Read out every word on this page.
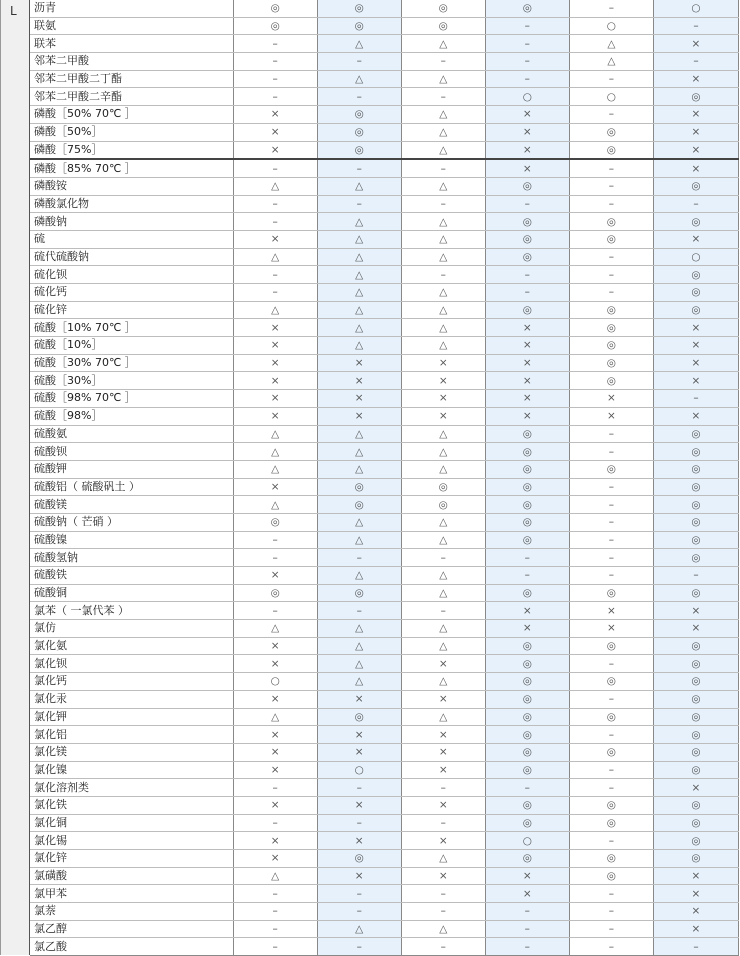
L 沥青	◎	◎	◎	◎	–	○
联氨	◎	◎	◎	–	○	–
联苯	–	△	△	–	△	×
邻苯二甲酸	–	–	–	–	△	–
邻苯二甲酸二丁酯	–	△	△	–	–	×
邻苯二甲酸二辛酯	–	–	–	○	○	◎
磷酸［50% 70℃ ］	×	◎	△	×	–	×
磷酸［50%］	×	◎	△	×	◎	×
磷酸［75%］	×	◎	△	×	◎	×
磷酸［85% 70℃ ］	–	–	–	×	–	×
磷酸铵	△	△	△	◎	–	◎
磷酸氯化物	–	–	–	–	–	–
磷酸钠	–	△	△	◎	◎	◎
硫	×	△	△	◎	◎	×
硫代硫酸钠	△	△	△	◎	–	○
硫化钡	–	△	–	–	–	◎
硫化钙	–	△	△	–	–	◎
硫化锌	△	△	△	◎	◎	◎
硫酸［10% 70℃ ］	×	△	△	×	◎	×
硫酸［10%］	×	△	△	×	◎	×
硫酸［30% 70℃ ］	×	×	×	×	◎	×
硫酸［30%］	×	×	×	×	◎	×
硫酸［98% 70℃ ］	×	×	×	×	×	–
硫酸［98%］	×	×	×	×	×	×
硫酸氨	△	△	△	◎	–	◎
硫酸钡	△	△	△	◎	–	◎
硫酸钾	△	△	△	◎	◎	◎
硫酸铝（ 硫酸矾土 ）	×	◎	◎	◎	–	◎
硫酸镁	△	◎	◎	◎	–	◎
硫酸钠（ 芒硝 ）	◎	△	△	◎	–	◎
硫酸镍	–	△	△	◎	–	◎
硫酸氢钠	–	–	–	–	–	◎
硫酸铁	×	△	△	–	–	–
硫酸铜	◎	◎	△	◎	◎	◎
氯苯（ 一氯代苯 ）	–	–	–	×	×	×
氯仿	△	△	△	×	×	×
氯化氨	×	△	△	◎	◎	◎
氯化钡	×	△	×	◎	–	◎
氯化钙	○	△	△	◎	◎	◎
氯化汞	×	×	×	◎	–	◎
氯化钾	△	◎	△	◎	◎	◎
氯化铝	×	×	×	◎	–	◎
氯化镁	×	×	×	◎	◎	◎
氯化镍	×	○	×	◎	–	◎
氯化溶剂类	–	–	–	–	–	×
氯化铁	×	×	×	◎	◎	◎
氯化铜	–	–	–	◎	◎	◎
氯化锡	×	×	×	○	–	◎
氯化锌	×	◎	△	◎	◎	◎
氯磺酸	△	×	×	×	◎	×
氯甲苯	–	–	–	×	–	×
氯萘	–	–	–	–	–	×
氯乙醇	–	△	△	–	–	×
氯乙酸	–	–	–	–	–	–
